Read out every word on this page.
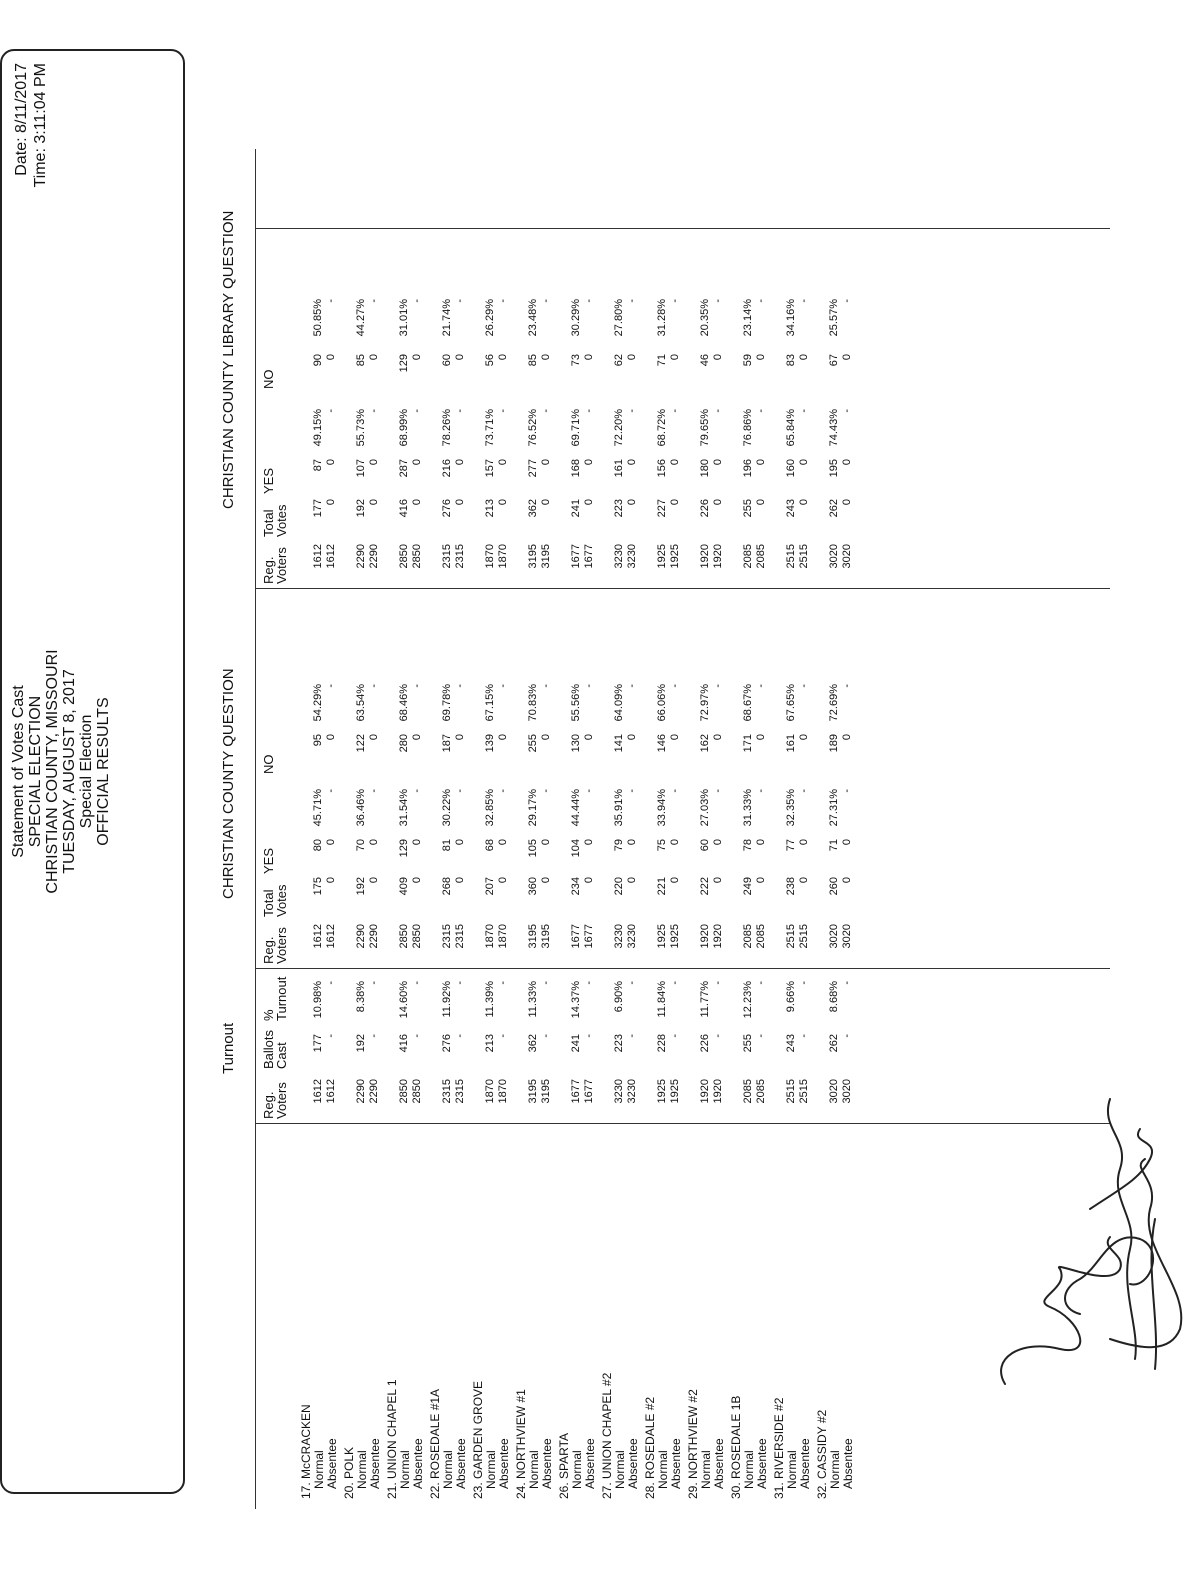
Statement of Votes Cast SPECIAL ELECTION CHRISTIAN COUNTY, MISSOURI TUESDAY, AUGUST 8, 2017 Special Election OFFICIAL RESULTS
Date: 8/11/2017 Time: 3:11:04 PM
Turnout
CHRISTIAN COUNTY QUESTION
CHRISTIAN COUNTY LIBRARY QUESTION
Reg. Voters
Ballots Cast
% Turnout
Reg. Voters
Reg. Voters
Total Votes
Total Votes
YES
YES
NO
NO
17. McCRACKEN Normal
1612
177
10.98%
1612
175
80
45.71%
95
54.29%
1612
177
87
49.15%
90
50.85%
Absentee
1612
-
-
1612
0
0
-
0
-
1612
0
0
-
0
-
20. POLK Normal
2290
192
8.38%
2290
192
70
36.46%
122
63.54%
2290
192
107
55.73%
85
44.27%
Absentee
2290
-
-
2290
0
0
-
0
-
2290
0
0
-
0
-
21. UNION CHAPEL 1 Normal
2850
416
14.60%
2850
409
129
31.54%
280
68.46%
2850
416
287
68.99%
129
31.01%
Absentee
2850
-
-
2850
0
0
-
0
-
2850
0
0
-
0
-
22. ROSEDALE #1A Normal
2315
276
11.92%
2315
268
81
30.22%
187
69.78%
2315
276
216
78.26%
60
21.74%
Absentee
2315
-
-
2315
0
0
-
0
-
2315
0
0
-
0
-
23. GARDEN GROVE Normal
1870
213
11.39%
1870
207
68
32.85%
139
67.15%
1870
213
157
73.71%
56
26.29%
Absentee
1870
-
-
1870
0
0
-
0
-
1870
0
0
-
0
-
24. NORTHVIEW #1 Normal
3195
362
11.33%
3195
360
105
29.17%
255
70.83%
3195
362
277
76.52%
85
23.48%
Absentee
3195
-
-
3195
0
0
-
0
-
3195
0
0
-
0
-
26. SPARTA Normal
1677
241
14.37%
1677
234
104
44.44%
130
55.56%
1677
241
168
69.71%
73
30.29%
Absentee
1677
-
-
1677
0
0
-
0
-
1677
0
0
-
0
-
27. UNION CHAPEL #2 Normal
3230
223
6.90%
3230
220
79
35.91%
141
64.09%
3230
223
161
72.20%
62
27.80%
Absentee
3230
-
-
3230
0
0
-
0
-
3230
0
0
-
0
-
28. ROSEDALE #2 Normal
1925
228
11.84%
1925
221
75
33.94%
146
66.06%
1925
227
156
68.72%
71
31.28%
Absentee
1925
-
-
1925
0
0
-
0
-
1925
0
0
-
0
-
29. NORTHVIEW #2 Normal
1920
226
11.77%
1920
222
60
27.03%
162
72.97%
1920
226
180
79.65%
46
20.35%
Absentee
1920
-
-
1920
0
0
-
0
-
1920
0
0
-
0
-
30. ROSEDALE 1B Normal
2085
255
12.23%
2085
249
78
31.33%
171
68.67%
2085
255
196
76.86%
59
23.14%
Absentee
2085
-
-
2085
0
0
-
0
-
2085
0
0
-
0
-
31. RIVERSIDE #2 Normal
2515
243
9.66%
2515
238
77
32.35%
161
67.65%
2515
243
160
65.84%
83
34.16%
Absentee
2515
-
-
2515
0
0
-
0
-
2515
0
0
-
0
-
32. CASSIDY #2 Normal
3020
262
8.68%
3020
260
71
27.31%
189
72.69%
3020
262
195
74.43%
67
25.57%
Absentee
3020
-
-
3020
0
0
-
0
-
3020
0
0
-
0
-
